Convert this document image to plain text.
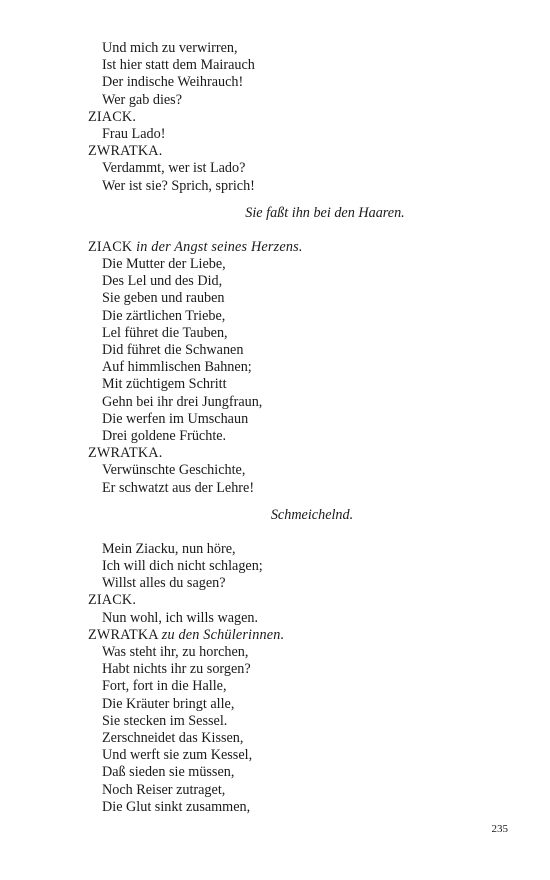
Und mich zu verwirren,
Ist hier statt dem Mairauch
Der indische Weihrauch!
Wer gab dies?
ZIACK.
Frau Lado!
ZWRATKA.
Verdammt, wer ist Lado?
Wer ist sie? Sprich, sprich!
Sie faßt ihn bei den Haaren.
ZIACK in der Angst seines Herzens.
Die Mutter der Liebe,
Des Lel und des Did,
Sie geben und rauben
Die zärtlichen Triebe,
Lel führet die Tauben,
Did führet die Schwanen
Auf himmlischen Bahnen;
Mit züchtigem Schritt
Gehn bei ihr drei Jungfraun,
Die werfen im Umschaun
Drei goldene Früchte.
ZWRATKA.
Verwünschte Geschichte,
Er schwatzt aus der Lehre!
Schmeichelnd.
Mein Ziacku, nun höre,
Ich will dich nicht schlagen;
Willst alles du sagen?
ZIACK.
Nun wohl, ich wills wagen.
ZWRATKA zu den Schülerinnen.
Was steht ihr, zu horchen,
Habt nichts ihr zu sorgen?
Fort, fort in die Halle,
Die Kräuter bringt alle,
Sie stecken im Sessel.
Zerschneidet das Kissen,
Und werft sie zum Kessel,
Daß sieden sie müssen,
Noch Reiser zutraget,
Die Glut sinkt zusammen,
235
